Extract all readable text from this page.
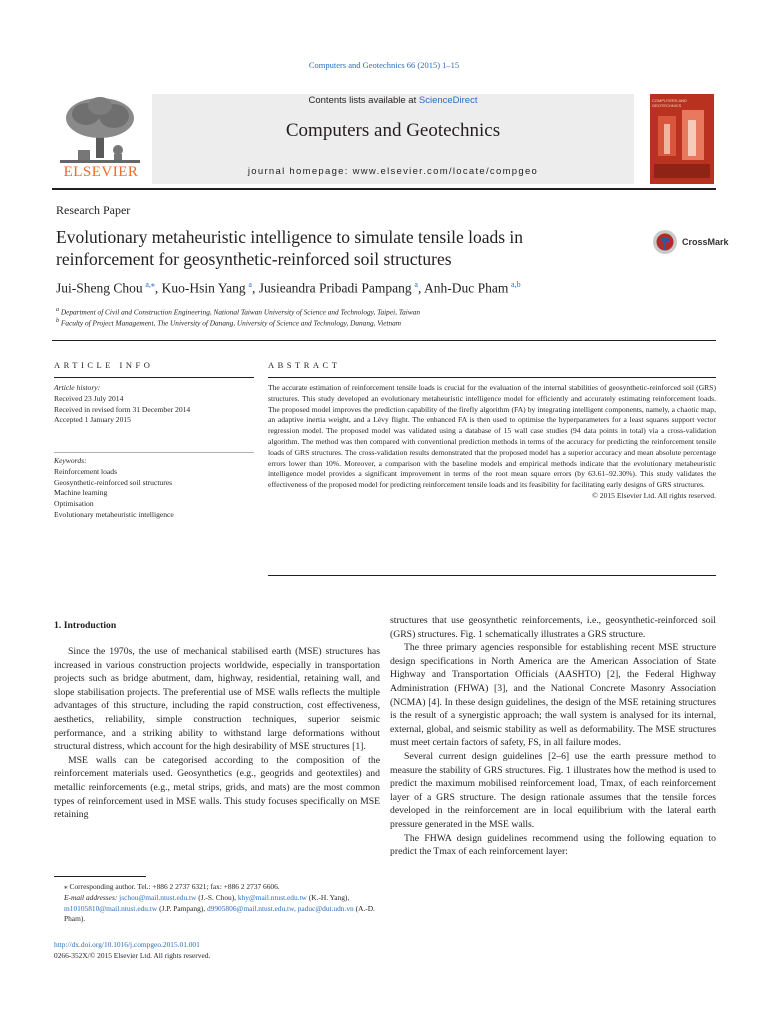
Computers and Geotechnics 66 (2015) 1–15
ELSEVIER
Contents lists available at ScienceDirect
Computers and Geotechnics
journal homepage: www.elsevier.com/locate/compgeo
COMPUTERS AND GEOTECHNICS
Research Paper
Evolutionary metaheuristic intelligence to simulate tensile loads in reinforcement for geosynthetic-reinforced soil structures
CrossMark
Jui-Sheng Chou  $^{a,⁎}$, Kuo-Hsin Yang  $^a$, Jusieandra Pribadi Pampang  $^a$, Anh-Duc Pham  $^{a,b}$
$^a$ Department of Civil and Construction Engineering, National Taiwan University of Science and Technology, Taipei, Taiwan
$^b$ Faculty of Project Management, The University of Danang, University of Science and Technology, Danang, Vietnam
ARTICLE INFO	ABSTRACT
Article history:
Received 23 July 2014
Received in revised form 31 December 2014
Accepted 1 January 2015
Keywords:
Reinforcement loads
Geosynthetic-reinforced soil structures
Machine learning
Optimisation
Evolutionary metaheuristic intelligence
The accurate estimation of reinforcement tensile loads is crucial for the evaluation of the internal stabilities of geosynthetic-reinforced soil (GRS) structures. This study developed an evolutionary metaheuristic intelligence model for efficiently and accurately estimating reinforcement loads. The proposed model improves the prediction capability of the firefly algorithm (FA) by integrating intelligent components, namely, a chaotic map, an adaptive inertia weight, and a Lévy flight. The enhanced FA is then used to optimise the hyperparameters for a least squares support vector regression model. The proposed model was validated using a database of 15 wall case studies (94 data points in total) via a cross-validation algorithm. The method was then compared with conventional prediction methods in terms of the accuracy for predicting the reinforcement tensile loads of GRS structures. The cross-validation results demonstrated that the proposed model has a superior accuracy and mean absolute percentage errors lower than 10%. Moreover, a comparison with the baseline models and empirical methods indicate that the evolutionary metaheuristic intelligence model provides a significant improvement in terms of the root mean square errors (by 63.61–92.30%). This study validates the effectiveness of the proposed model for predicting reinforcement tensile loads and its feasibility for facilitating early designs of GRS structures.
© 2015 Elsevier Ltd. All rights reserved.
1. Introduction

Since the 1970s, the use of mechanical stabilised earth (MSE) structures has increased in various construction projects worldwide, especially in transportation projects such as bridge abutment, dam, highway, residential, retaining wall, and slope stabilisation projects. The preferential use of MSE walls reflects the multiple advantages of this structure, including the rapid construction, cost effectiveness, aesthetics, reliability, simple construction techniques, superior seismic performance, and a striking ability to withstand large deformations without structural distress, which account for the high desirability of MSE structures [1].

MSE walls can be categorised according to the composition of the reinforcement materials used. Geosynthetics (e.g., geogrids and geotextiles) and metallic reinforcements (e.g., metal strips, grids, and mats) are the most common types of reinforcement used in MSE walls. This study focuses specifically on MSE retaining

structures that use geosynthetic reinforcements, i.e., geosynthetic-reinforced soil (GRS) structures. Fig. 1 schematically illustrates a GRS structure.

The three primary agencies responsible for establishing recent MSE structure design specifications in North America are the American Association of State Highway and Transportation Officials (AASHTO) [2], the Federal Highway Administration (FHWA) [3], and the National Concrete Masonry Association (NCMA) [4]. In these design guidelines, the design of the MSE retaining structures is the result of a synergistic approach; the wall system is analysed for its internal, external, global, and seismic stability as well as deformability. The MSE structures must meet certain factors of safety, FS, in all failure modes.

Several current design guidelines [2–6] use the earth pressure method to measure the stability of GRS structures. Fig. 1 illustrates how the method is used to predict the maximum mobilised reinforcement load, Tmax, of each reinforcement layer of a GRS structure. The design rationale assumes that the tensile forces developed in the reinforcement are in local equilibrium with the lateral earth pressure generated in the MSE walls.

The FHWA design guidelines recommend using the following equation to predict the Tmax of each reinforcement layer:

⁎ Corresponding author. Tel.: +886 2 2737 6321; fax: +886 2 2737 6606.
E-mail addresses: jschou@mail.ntust.edu.tw (J.-S. Chou), khy@mail.ntust.edu.tw (K.-H. Yang), m10105810@mail.ntust.edu.tw (J.P. Pampang), d9905806@mail.ntust.edu.tw, paduc@dut.udn.vn (A.-D. Pham).
http://dx.doi.org/10.1016/j.compgeo.2015.01.001
0266-352X/© 2015 Elsevier Ltd. All rights reserved.
